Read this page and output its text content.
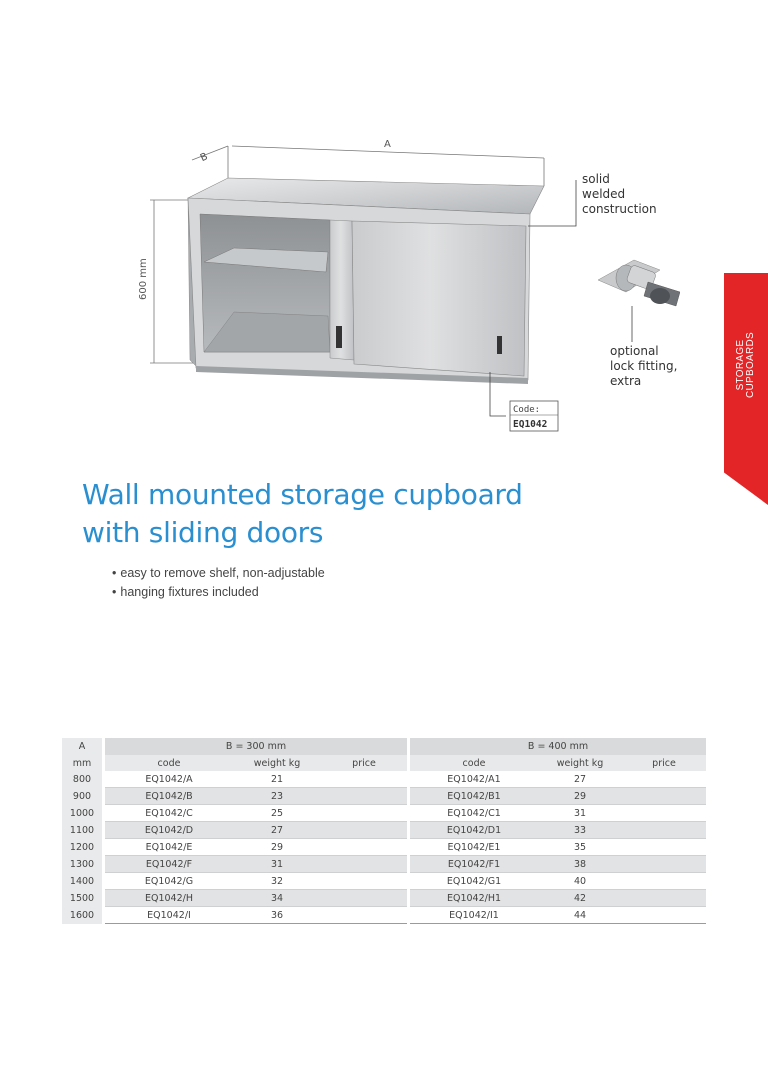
A
B
600 mm
Code:
EQ1042
solid
welded
construction
optional
lock fitting,
extra	STORAGE
CUPBOARDS
Wall mounted storage cupboard
with sliding doors
• easy to remove shelf, non-adjustable
• hanging fixtures included
A		B = 300 mm				B = 400 mm		
mm		code	weight kg	price		code	weight kg	price
800		EQ1042/A	21			EQ1042/A1	27	
900		EQ1042/B	23			EQ1042/B1	29	
1000		EQ1042/C	25			EQ1042/C1	31	
1100		EQ1042/D	27			EQ1042/D1	33	
1200		EQ1042/E	29			EQ1042/E1	35	
1300		EQ1042/F	31			EQ1042/F1	38	
1400		EQ1042/G	32			EQ1042/G1	40	
1500		EQ1042/H	34			EQ1042/H1	42	
1600		EQ1042/I	36			EQ1042/I1	44	
